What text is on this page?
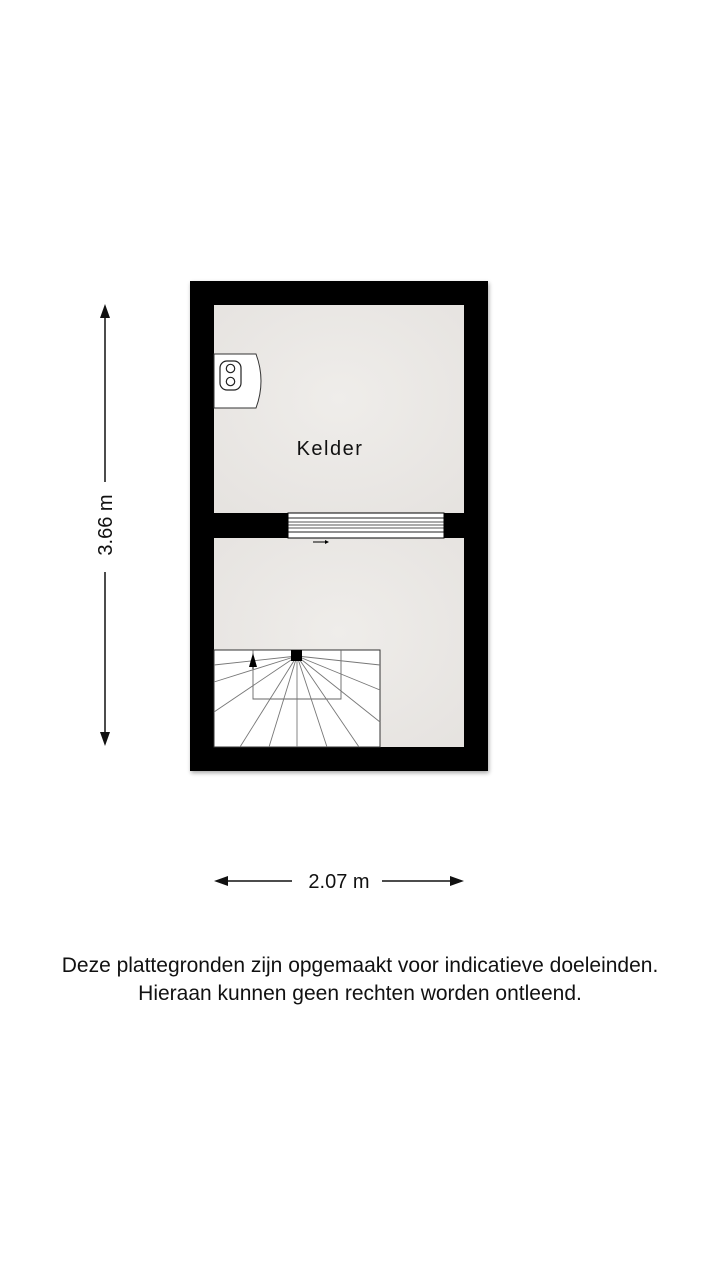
Kelder
3.66 m
2.07 m
Deze plattegronden zijn opgemaakt voor indicatieve doeleinden.
Hieraan kunnen geen rechten worden ontleend.
